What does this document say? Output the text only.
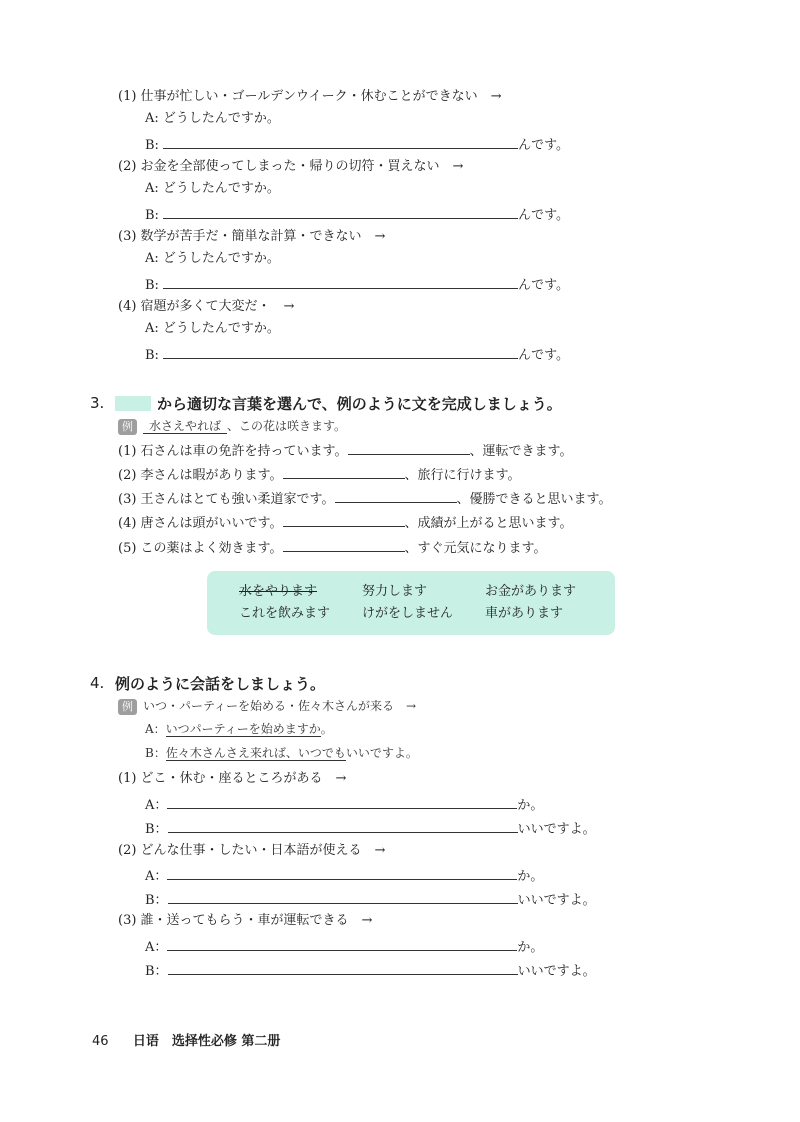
(1) 仕事が忙しい・ゴールデンウイーク・休むことができない　→
A: どうしたんですか。
B:	んです。
(2) お金を全部使ってしまった・帰りの切符・買えない　→
A: どうしたんですか。
B:	んです。
(3) 数学が苦手だ・簡単な計算・できない　→
A: どうしたんですか。
B:	んです。
(4) 宿題が多くて大変だ・　→
A: どうしたんですか。
B:	んです。
3.	から適切な言葉を選んで、例のように文を完成しましょう。
例 水さえやれば 、この花は咲きます。
(1) 石さんは車の免許を持っています。	、運転できます。
(2) 李さんは暇があります。	、旅行に行けます。
(3) 王さんはとても強い柔道家です。	、優勝できると思います。
(4) 唐さんは頭がいいです。	、成績が上がると思います。
(5) この薬はよく効きます。	、すぐ元気になります。
水をやります	努力します	お金があります
これを飲みます けがをしません 車があります
4. 例のように会話をしましょう。
例 いつ・パーティーを始める・佐々木さんが来る　→
A：いつパーティーを始めますか。
B：佐々木さんさえ来れば、いつでもいいですよ。
(1) どこ・休む・座るところがある　→
A：	か。
B：	いいですよ。
(2) どんな仕事・したい・日本語が使える　→
A：	か。
B：	いいですよ。
(3) 誰・送ってもらう・車が運転できる　→
A：	か。
B：	いいですよ。
46 日语　选择性必修 第二册
